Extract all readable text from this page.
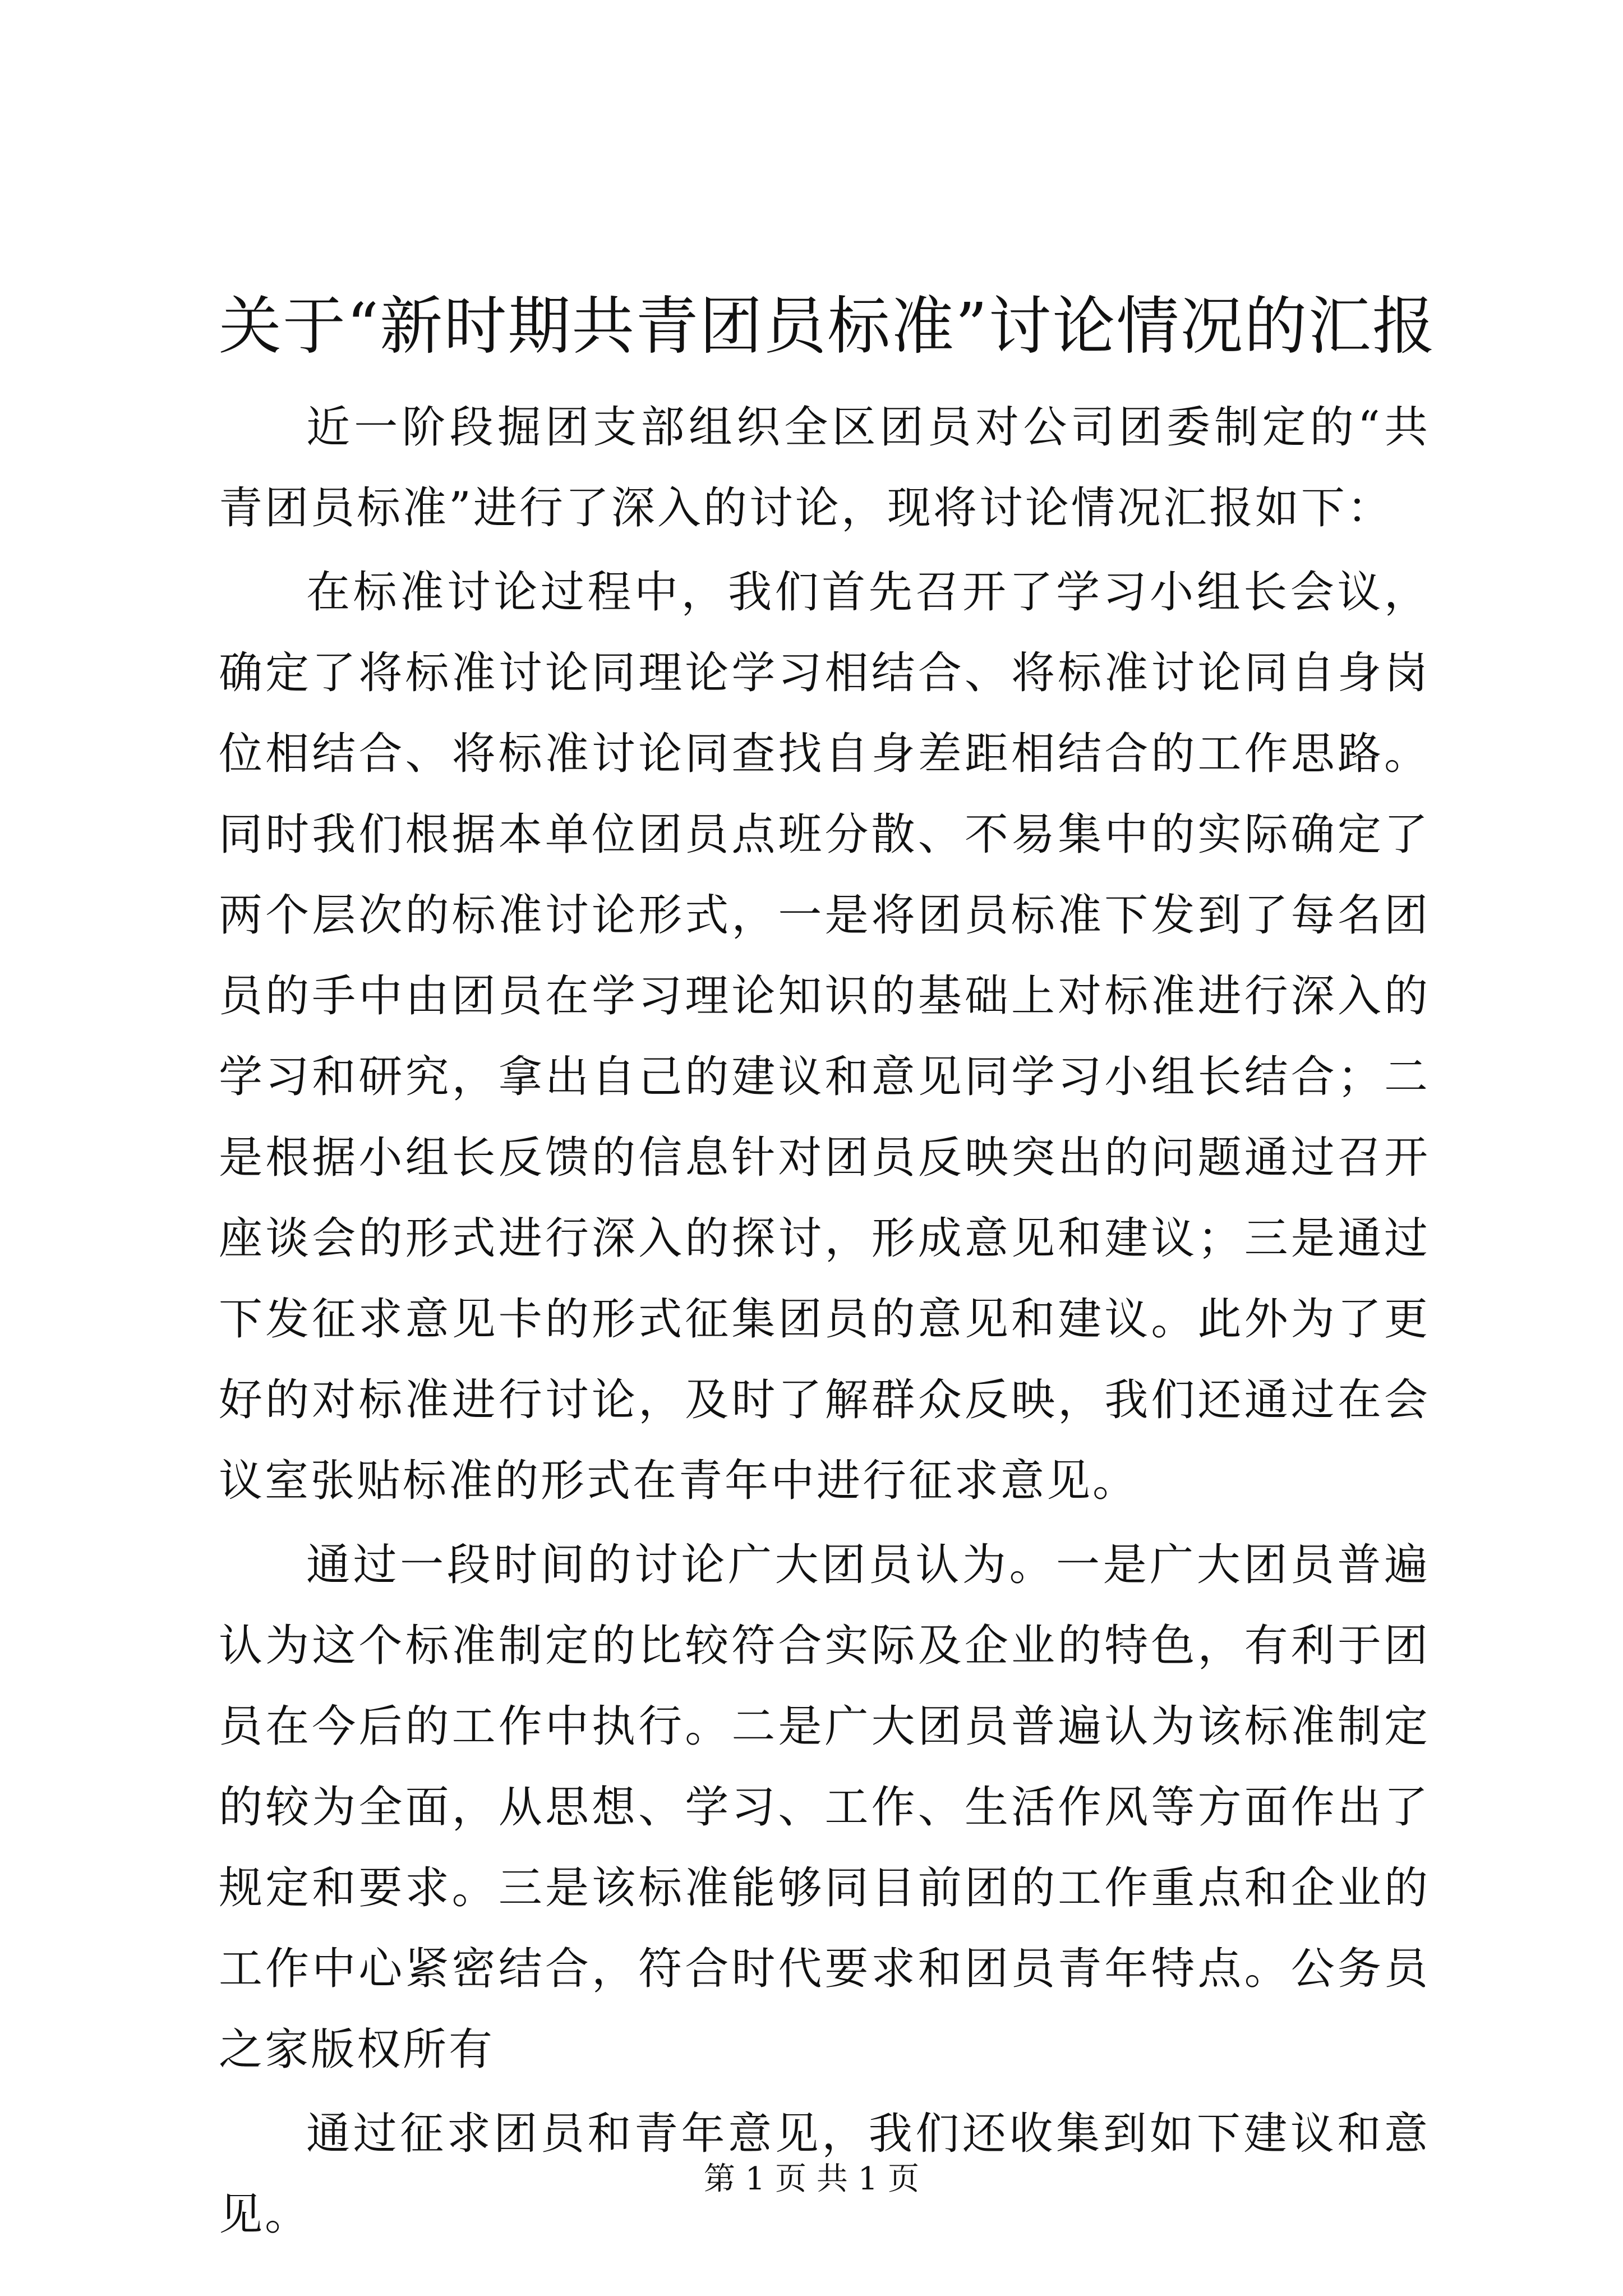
关于“新时期共青团员标准”讨论情况的汇报

近一阶段掘团支部组织全区团员对公司团委制定的“共青团员标准”进行了深入的讨论，现将讨论情况汇报如下：

在标准讨论过程中，我们首先召开了学习小组长会议，确定了将标准讨论同理论学习相结合、将标准讨论同自身岗位相结合、将标准讨论同查找自身差距相结合的工作思路。同时我们根据本单位团员点班分散、不易集中的实际确定了两个层次的标准讨论形式，一是将团员标准下发到了每名团员的手中由团员在学习理论知识的基础上对标准进行深入的学习和研究，拿出自己的建议和意见同学习小组长结合；二是根据小组长反馈的信息针对团员反映突出的问题通过召开座谈会的形式进行深入的探讨，形成意见和建议；三是通过下发征求意见卡的形式征集团员的意见和建议。此外为了更好的对标准进行讨论，及时了解群众反映，我们还通过在会议室张贴标准的形式在青年中进行征求意见。

通过一段时间的讨论广大团员认为。一是广大团员普遍认为这个标准制定的比较符合实际及企业的特色，有利于团员在今后的工作中执行。二是广大团员普遍认为该标准制定的较为全面，从思想、学习、工作、生活作风等方面作出了规定和要求。三是该标准能够同目前团的工作重点和企业的工作中心紧密结合，符合时代要求和团员青年特点。公务员之家版权所有

通过征求团员和青年意见，我们还收集到如下建议和意见。

第 1 页 共 1 页
